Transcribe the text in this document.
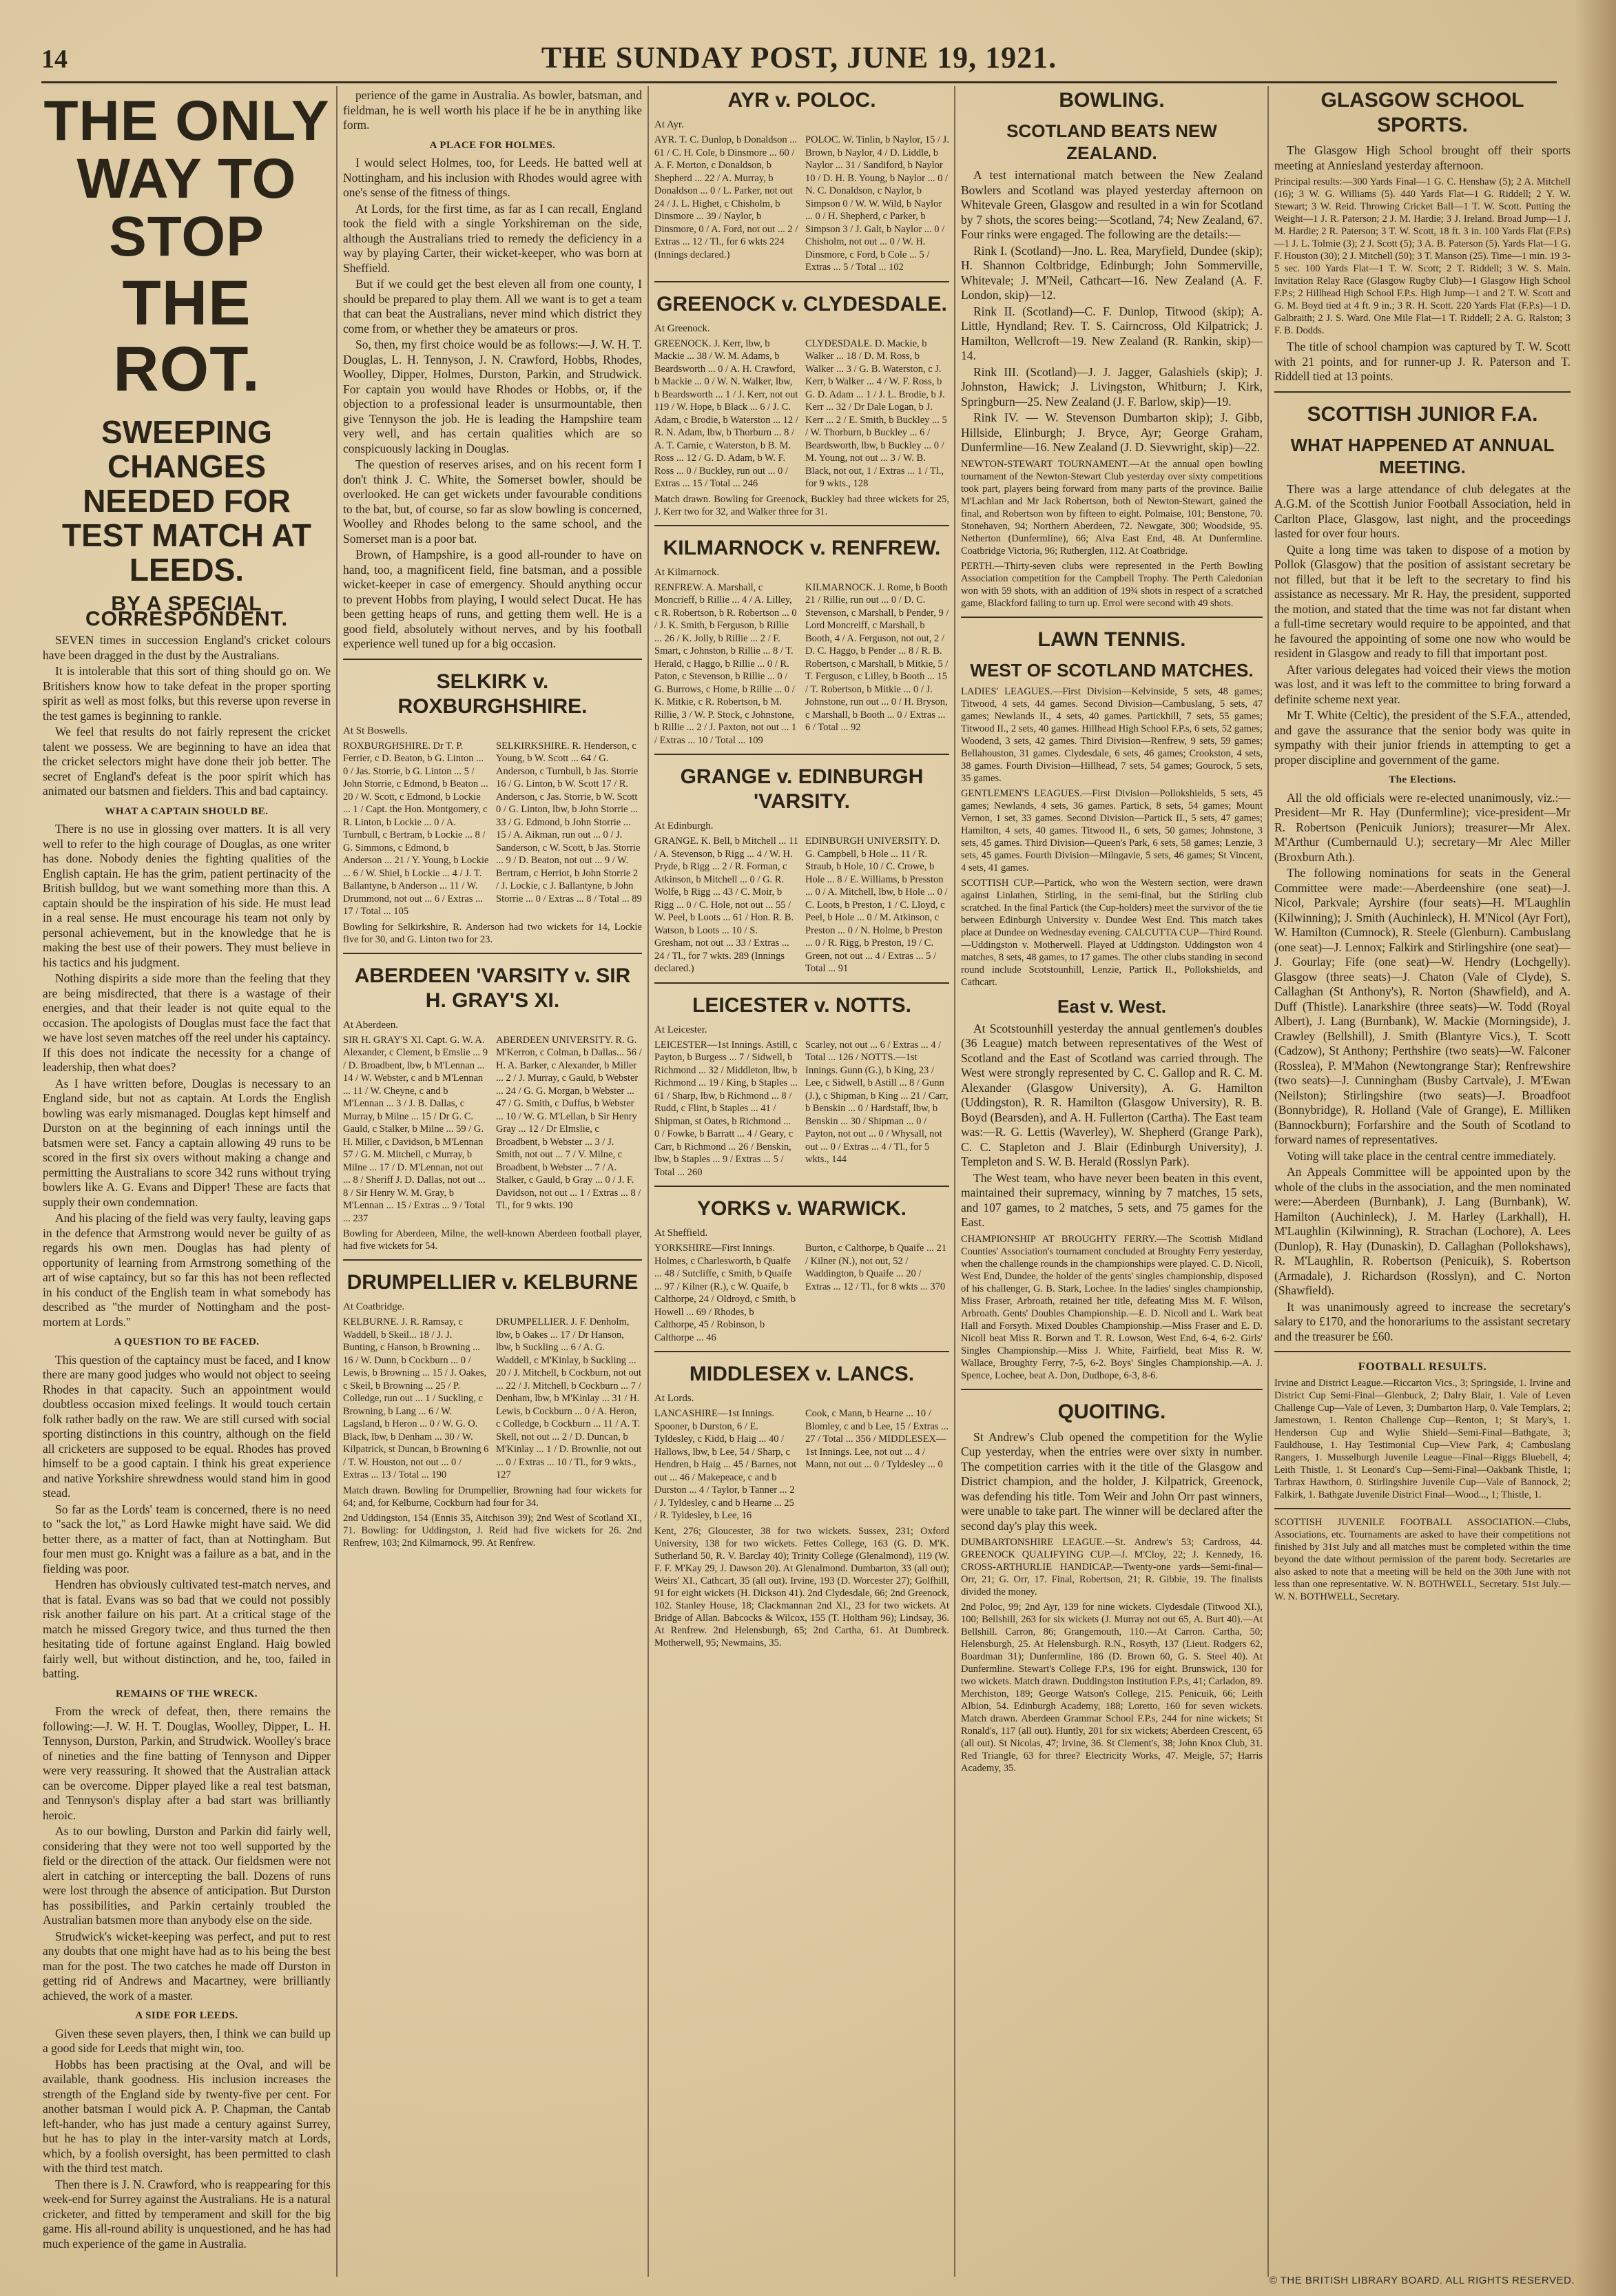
14	THE SUNDAY POST, JUNE 19, 1921.
THE ONLY WAY TO STOP
THE ROT.
SWEEPING CHANGES NEEDED FOR TEST MATCH AT LEEDS.
BY A SPECIAL CORRESPONDENT.

SEVEN times in succession England's cricket colours have been dragged in the dust by the Australians.

It is intolerable that this sort of thing should go on. We Britishers know how to take defeat in the proper sporting spirit as well as most folks, but this reverse upon reverse in the test games is beginning to rankle.

We feel that results do not fairly represent the cricket talent we possess. We are beginning to have an idea that the cricket selectors might have done their job better. The secret of England's defeat is the poor spirit which has animated our batsmen and fielders. This and bad captaincy.

WHAT A CAPTAIN SHOULD BE.

There is no use in glossing over matters. It is all very well to refer to the high courage of Douglas, as one writer has done. Nobody denies the fighting qualities of the English captain. He has the grim, patient pertinacity of the British bulldog, but we want something more than this. A captain should be the inspiration of his side. He must lead in a real sense. He must encourage his team not only by personal achievement, but in the knowledge that he is making the best use of their powers. They must believe in his tactics and his judgment.

Nothing dispirits a side more than the feeling that they are being misdirected, that there is a wastage of their energies, and that their leader is not quite equal to the occasion. The apologists of Douglas must face the fact that we have lost seven matches off the reel under his captaincy. If this does not indicate the necessity for a change of leadership, then what does?

As I have written before, Douglas is necessary to an England side, but not as captain. At Lords the English bowling was early mismanaged. Douglas kept himself and Durston on at the beginning of each innings until the batsmen were set. Fancy a captain allowing 49 runs to be scored in the first six overs without making a change and permitting the Australians to score 342 runs without trying bowlers like A. G. Evans and Dipper! These are facts that supply their own condemnation.

And his placing of the field was very faulty, leaving gaps in the defence that Armstrong would never be guilty of as regards his own men. Douglas has had plenty of opportunity of learning from Armstrong something of the art of wise captaincy, but so far this has not been reflected in his conduct of the English team in what somebody has described as "the murder of Nottingham and the post-mortem at Lords."

A QUESTION TO BE FACED.

This question of the captaincy must be faced, and I know there are many good judges who would not object to seeing Rhodes in that capacity. Such an appointment would doubtless occasion mixed feelings. It would touch certain folk rather badly on the raw. We are still cursed with social sporting distinctions in this country, although on the field all cricketers are supposed to be equal. Rhodes has proved himself to be a good captain. I think his great experience and native Yorkshire shrewdness would stand him in good stead.

So far as the Lords' team is concerned, there is no need to "sack the lot," as Lord Hawke might have said. We did better there, as a matter of fact, than at Nottingham. But four men must go. Knight was a failure as a bat, and in the fielding was poor.

Hendren has obviously cultivated test-match nerves, and that is fatal. Evans was so bad that we could not possibly risk another failure on his part. At a critical stage of the match he missed Gregory twice, and thus turned the then hesitating tide of fortune against England. Haig bowled fairly well, but without distinction, and he, too, failed in batting.

REMAINS OF THE WRECK.

From the wreck of defeat, then, there remains the following:—J. W. H. T. Douglas, Woolley, Dipper, L. H. Tennyson, Durston, Parkin, and Strudwick. Woolley's brace of nineties and the fine batting of Tennyson and Dipper were very reassuring. It showed that the Australian attack can be overcome. Dipper played like a real test batsman, and Tennyson's display after a bad start was brilliantly heroic.

As to our bowling, Durston and Parkin did fairly well, considering that they were not too well supported by the field or the direction of the attack. Our fieldsmen were not alert in catching or intercepting the ball. Dozens of runs were lost through the absence of anticipation. But Durston has possibilities, and Parkin certainly troubled the Australian batsmen more than anybody else on the side.

Strudwick's wicket-keeping was perfect, and put to rest any doubts that one might have had as to his being the best man for the post. The two catches he made off Durston in getting rid of Andrews and Macartney, were brilliantly achieved, the work of a master.

A SIDE FOR LEEDS.

Given these seven players, then, I think we can build up a good side for Leeds that might win, too.

Hobbs has been practising at the Oval, and will be available, thank goodness. His inclusion increases the strength of the England side by twenty-five per cent. For another batsman I would pick A. P. Chapman, the Cantab left-hander, who has just made a century against Surrey, but he has to play in the inter-varsity match at Lords, which, by a foolish oversight, has been permitted to clash with the third test match.

Then there is J. N. Crawford, who is reappearing for this week-end for Surrey against the Australians. He is a natural cricketer, and fitted by temperament and skill for the big game. His all-round ability is unquestioned, and he has had much experience of the game in Australia.

perience of the game in Australia. As bowler, batsman, and fieldman, he is well worth his place if he be in anything like form.

A PLACE FOR HOLMES.

I would select Holmes, too, for Leeds. He batted well at Nottingham, and his inclusion with Rhodes would agree with one's sense of the fitness of things.

At Lords, for the first time, as far as I can recall, England took the field with a single Yorkshireman on the side, although the Australians tried to remedy the deficiency in a way by playing Carter, their wicket-keeper, who was born at Sheffield.

But if we could get the best eleven all from one county, I should be prepared to play them. All we want is to get a team that can beat the Australians, never mind which district they come from, or whether they be amateurs or pros.

So, then, my first choice would be as follows:—J. W. H. T. Douglas, L. H. Tennyson, J. N. Crawford, Hobbs, Rhodes, Woolley, Dipper, Holmes, Durston, Parkin, and Strudwick. For captain you would have Rhodes or Hobbs, or, if the objection to a professional leader is unsurmountable, then give Tennyson the job. He is leading the Hampshire team very well, and has certain qualities which are so conspicuously lacking in Douglas.

The question of reserves arises, and on his recent form I don't think J. C. White, the Somerset bowler, should be overlooked. He can get wickets under favourable conditions to the bat, but, of course, so far as slow bowling is concerned, Woolley and Rhodes belong to the same school, and the Somerset man is a poor bat.

Brown, of Hampshire, is a good all-rounder to have on hand, too, a magnificent field, fine batsman, and a possible wicket-keeper in case of emergency. Should anything occur to prevent Hobbs from playing, I would select Ducat. He has been getting heaps of runs, and getting them well. He is a good field, absolutely without nerves, and by his football experience well tuned up for a big occasion.

SELKIRK v. ROXBURGHSHIRE.
At St Boswells.
ROXBURGHSHIRE. Dr T. P. Ferrier, c D. Beaton, b G. Linton ... 0 / Jas. Storrie, b G. Linton ... 5 / John Storrie, c Edmond, b Beaton ... 20 / W. Scott, c Edmond, b Lockie ... 1 / Capt. the Hon. Montgomery, c R. Linton, b Lockie ... 0 / A. Turnbull, c Bertram, b Lockie ... 8 / G. Simmons, c Edmond, b Anderson ... 21 / Y. Young, b Lockie ... 6 / W. Shiel, b Lockie ... 4 / J. T. Ballantyne, b Anderson ... 11 / W. Drummond, not out ... 6 / Extras ... 17 / Total ... 105
SELKIRKSHIRE. R. Henderson, c Young, b W. Scott ... 64 / G. Anderson, c Turnbull, b Jas. Storrie 16 / G. Linton, b W. Scott 17 / R. Anderson, c Jas. Storrie, b W. Scott 0 / G. Linton, lbw, b John Storrie ... 33 / G. Edmond, b John Storrie ... 15 / A. Aikman, run out ... 0 / J. Sanderson, c W. Scott, b Jas. Storrie ... 9 / D. Beaton, not out ... 9 / W. Bertram, c Herriot, b John Storrie 2 / J. Lockie, c J. Ballantyne, b John Storrie ... 0 / Extras ... 8 / Total ... 89
Bowling for Selkirkshire, R. Anderson had two wickets for 14, Lockie five for 30, and G. Linton two for 23.
ABERDEEN 'VARSITY v. SIR H. GRAY'S XI.
At Aberdeen.
SIR H. GRAY'S XI. Capt. G. W. A. Alexander, c Clement, b Emslie ... 9 / D. Broadbent, lbw, b M'Lennan ... 14 / W. Webster, c and b M'Lennan ... 11 / W. Cheyne, c and b M'Lennan ... 3 / J. B. Dallas, c Murray, b Milne ... 15 / Dr G. C. Gauld, c Stalker, b Milne ... 59 / G. H. Miller, c Davidson, b M'Lennan 57 / G. M. Mitchell, c Murray, b Milne ... 17 / D. M'Lennan, not out ... 8 / Sheriff J. D. Dallas, not out ... 8 / Sir Henry W. M. Gray, b M'Lennan ... 15 / Extras ... 9 / Total ... 237
ABERDEEN UNIVERSITY. R. G. M'Kerron, c Colman, b Dallas... 56 / H. A. Barker, c Alexander, b Miller ... 2 / J. Murray, c Gauld, b Webster ... 24 / G. G. Morgan, b Webster ... 47 / G. Smith, c Duffus, b Webster ... 10 / W. G. M'Lellan, b Sir Henry Gray ... 12 / Dr Elmslie, c Broadbent, b Webster ... 3 / J. Smith, not out ... 7 / V. Milne, c Broadbent, b Webster ... 7 / A. Stalker, c Gauld, b Gray ... 0 / J. F. Davidson, not out ... 1 / Extras ... 8 / Tl., for 9 wkts. 190
Bowling for Aberdeen, Milne, the well-known Aberdeen football player, had five wickets for 54.
DRUMPELLIER v. KELBURNE
At Coatbridge.
KELBURNE. J. R. Ramsay, c Waddell, b Skeil... 18 / J. J. Bunting, c Hanson, b Browning ... 16 / W. Dunn, b Cockburn ... 0 / Lewis, b Browning ... 15 / J. Oakes, c Skeil, b Browning ... 25 / P. Colledge, run out ... 1 / Suckling, c Browning, b Lang ... 6 / W. Lagsland, b Heron ... 0 / W. G. O. Black, lbw, b Denham ... 30 / W. Kilpatrick, st Duncan, b Browning 6 / T. W. Houston, not out ... 0 / Extras ... 13 / Total ... 190
DRUMPELLIER. J. F. Denholm, lbw, b Oakes ... 17 / Dr Hanson, lbw, b Suckling ... 6 / A. G. Waddell, c M'Kinlay, b Suckling ... 20 / J. Mitchell, b Cockburn, not out ... 22 / J. Mitchell, b Cockburn ... 7 / Denham, lbw, b M'Kinlay ... 31 / H. Lewis, b Cockburn ... 0 / A. Heron, c Colledge, b Cockburn ... 11 / A. T. Skell, not out ... 2 / D. Duncan, b M'Kinlay ... 1 / D. Brownlie, not out ... 0 / Extras ... 10 / Tl., for 9 wkts., 127
Match drawn. Bowling for Drumpellier, Browning had four wickets for 64; and, for Kelburne, Cockburn had four for 34.
2nd Uddingston, 154 (Ennis 35, Aitchison 39); 2nd West of Scotland XI., 71. Bowling: for Uddingston, J. Reid had five wickets for 26. 2nd Renfrew, 103; 2nd Kilmarnock, 99. At Renfrew.
AYR v. POLOC.
At Ayr.
AYR. T. C. Dunlop, b Donaldson ... 61 / C. H. Cole, b Dinsmore ... 60 / A. F. Morton, c Donaldson, b Shepherd ... 22 / A. Murray, b Donaldson ... 0 / L. Parker, not out 24 / J. L. Highet, c Chisholm, b Dinsmore ... 39 / Naylor, b Dinsmore, 0 / A. Ford, not out ... 2 / Extras ... 12 / Tl., for 6 wkts 224 (Innings declared.)
POLOC. W. Tinlin, b Naylor, 15 / J. Brown, b Naylor, 4 / D. Liddle, b Naylor ... 31 / Sandiford, b Naylor 10 / D. H. B. Young, b Naylor ... 0 / N. C. Donaldson, c Naylor, b Simpson 0 / W. W. Wild, b Naylor ... 0 / H. Shepherd, c Parker, b Simpson 3 / J. Galt, b Naylor ... 0 / Chisholm, not out ... 0 / W. H. Dinsmore, c Ford, b Cole ... 5 / Extras ... 5 / Total ... 102
GREENOCK v. CLYDESDALE.
At Greenock.
GREENOCK. J. Kerr, lbw, b Mackie ... 38 / W. M. Adams, b Beardsworth ... 0 / A. H. Crawford, b Mackie ... 0 / W. N. Walker, lbw, b Beardsworth ... 1 / J. Kerr, not out 119 / W. Hope, b Black ... 6 / J. C. Adam, c Brodie, b Waterston ... 12 / R. N. Adam, lbw, b Thorburn ... 8 / A. T. Carnie, c Waterston, b B. M. Ross ... 12 / G. D. Adam, b W. F. Ross ... 0 / Buckley, run out ... 0 / Extras ... 15 / Total ... 246
CLYDESDALE. D. Mackie, b Walker ... 18 / D. M. Ross, b Walker ... 3 / G. B. Waterston, c J. Kerr, b Walker ... 4 / W. F. Ross, b G. D. Adam ... 1 / J. L. Brodie, b J. Kerr ... 32 / Dr Dale Logan, b J. Kerr ... 2 / E. Smith, b Buckley ... 5 / W. Thorburn, b Buckley ... 6 / Beardsworth, lbw, b Buckley ... 0 / M. Young, not out ... 3 / W. B. Black, not out, 1 / Extras ... 1 / Tl., for 9 wkts., 128
Match drawn. Bowling for Greenock, Buckley had three wickets for 25, J. Kerr two for 32, and Walker three for 31.
KILMARNOCK v. RENFREW.
At Kilmarnock.
RENFREW. A. Marshall, c Moncrieff, b Rillie ... 4 / A. Lilley, c R. Robertson, b R. Robertson ... 0 / J. K. Smith, b Ferguson, b Rillie ... 26 / K. Jolly, b Rillie ... 2 / F. Smart, c Johnston, b Rillie ... 8 / T. Herald, c Haggo, b Rillie ... 0 / R. Paton, c Stevenson, b Rillie ... 0 / G. Burrows, c Home, b Rillie ... 0 / K. Mitkie, c R. Robertson, b M. Rillie, 3 / W. P. Stock, c Johnstone, b Rillie ... 2 / J. Paxton, not out ... 1 / Extras ... 10 / Total ... 109
KILMARNOCK. J. Rome, b Booth 21 / Rillie, run out ... 0 / D. C. Stevenson, c Marshall, b Pender, 9 / Lord Moncreiff, c Marshall, b Booth, 4 / A. Ferguson, not out, 2 / D. C. Haggo, b Pender ... 8 / R. B. Robertson, c Marshall, b Mitkie, 5 / T. Ferguson, c Lilley, b Booth ... 15 / T. Robertson, b Mitkie ... 0 / J. Johnstone, run out ... 0 / H. Bryson, c Marshall, b Booth ... 0 / Extras ... 6 / Total ... 92
GRANGE v. EDINBURGH 'VARSITY.
At Edinburgh.
GRANGE. K. Bell, b Mitchell ... 11 / A. Stevenson, b Rigg ... 4 / W. H. Pryde, b Rigg ... 2 / R. Forman, c Atkinson, b Mitchell ... 0 / G. R. Wolfe, b Rigg ... 43 / C. Moir, b Rigg ... 0 / C. Hole, not out ... 55 / W. Peel, b Loots ... 61 / Hon. R. B. Watson, b Loots ... 10 / S. Gresham, not out ... 33 / Extras ... 24 / Tl., for 7 wkts. 289 (Innings declared.)
EDINBURGH UNIVERSITY. D. G. Campbell, b Hole ... 11 / R. Straub, b Hole, 10 / C. Crowe, b Hole ... 8 / E. Williams, b Presston ... 0 / A. Mitchell, lbw, b Hole ... 0 / C. Loots, b Preston, 1 / C. Lloyd, c Peel, b Hole ... 0 / M. Atkinson, c Preston ... 0 / N. Holme, b Preston ... 0 / R. Rigg, b Preston, 19 / C. Green, not out ... 4 / Extras ... 5 / Total ... 91
LEICESTER v. NOTTS.
At Leicester.
LEICESTER—1st Innings. Astill, c Payton, b Burgess ... 7 / Sidwell, b Richmond ... 32 / Middleton, lbw, b Richmond ... 19 / King, b Staples ... 61 / Sharp, lbw, b Richmond ... 8 / Rudd, c Flint, b Staples ... 41 / Shipman, st Oates, b Richmond ... 0 / Fowke, b Barratt ... 4 / Geary, c Carr, b Richmond ... 26 / Benskin, lbw, b Staples ... 9 / Extras ... 5 / Total ... 260
Scarley, not out ... 6 / Extras ... 4 / Total ... 126 / NOTTS.—1st Innings. Gunn (G.), b King, 23 / Lee, c Sidwell, b Astill ... 8 / Gunn (J.), c Shipman, b King ... 21 / Carr, b Benskin ... 0 / Hardstaff, lbw, b Benskin ... 30 / Shipman ... 0 / Payton, not out ... 0 / Whysall, not out ... 0 / Extras ... 4 / Tl., for 5 wkts., 144
YORKS v. WARWICK.
At Sheffield.
YORKSHIRE—First Innings. Holmes, c Charlesworth, b Quaife ... 48 / Sutcliffe, c Smith, b Quaife ... 97 / Kilner (R.), c W. Quaife, b Calthorpe, 24 / Oldroyd, c Smith, b Howell ... 69 / Rhodes, b Calthorpe, 45 / Robinson, b Calthorpe ... 46
Burton, c Calthorpe, b Quaife ... 21 / Kilner (N.), not out, 52 / Waddington, b Quaife ... 20 / Extras ... 12 / Tl., for 8 wkts ... 370
MIDDLESEX v. LANCS.
At Lords.
LANCASHIRE—1st Innings. Spooner, b Durston, 6 / E. Tyldesley, c Kidd, b Haig ... 40 / Hallows, lbw, b Lee, 54 / Sharp, c Hendren, b Haig ... 45 / Barnes, not out ... 46 / Makepeace, c and b Durston ... 4 / Taylor, b Tanner ... 2 / J. Tyldesley, c and b Hearne ... 25 / R. Tyldesley, b Lee, 16
Cook, c Mann, b Hearne ... 10 / Blomley, c and b Lee, 15 / Extras ... 27 / Total ... 356 / MIDDLESEX—1st Innings. Lee, not out ... 4 / Mann, not out ... 0 / Tyldesley ... 0
Kent, 276; Gloucester, 38 for two wickets. Sussex, 231; Oxford University, 138 for two wickets. Fettes College, 163 (G. D. M'K. Sutherland 50, R. V. Barclay 40); Trinity College (Glenalmond), 119 (W. F. F. M'Kay 29, J. Dawson 20). At Glenalmond. Dumbarton, 33 (all out); Weirs' XI., Cathcart, 35 (all out). Irvine, 193 (D. Worcester 27); Golfhill, 91 for eight wickets (H. Dickson 41). 2nd Clydesdale, 66; 2nd Greenock, 102. Stanley House, 18; Clackmannan 2nd XI., 23 for two wickets. At Bridge of Allan. Babcocks & Wilcox, 155 (T. Holtham 96); Lindsay, 36. At Renfrew. 2nd Helensburgh, 65; 2nd Cartha, 61. At Dumbreck. Motherwell, 95; Newmains, 35.
BOWLING.
SCOTLAND BEATS NEW ZEALAND.

A test international match between the New Zealand Bowlers and Scotland was played yesterday afternoon on Whitevale Green, Glasgow and resulted in a win for Scotland by 7 shots, the scores being:—Scotland, 74; New Zealand, 67. Four rinks were engaged. The following are the details:—

Rink I. (Scotland)—Jno. L. Rea, Maryfield, Dundee (skip); H. Shannon Coltbridge, Edinburgh; John Sommerville, Whitevale; J. M'Neil, Cathcart—16. New Zealand (A. F. London, skip)—12.

Rink II. (Scotland)—C. F. Dunlop, Titwood (skip); A. Little, Hyndland; Rev. T. S. Cairncross, Old Kilpatrick; J. Hamilton, Wellcroft—19. New Zealand (R. Rankin, skip)—14.

Rink III. (Scotland)—J. J. Jagger, Galashiels (skip); J. Johnston, Hawick; J. Livingston, Whitburn; J. Kirk, Springburn—25. New Zealand (J. F. Barlow, skip)—19.

Rink IV. — W. Stevenson Dumbarton skip); J. Gibb, Hillside, Elinburgh; J. Bryce, Ayr; George Graham, Dunfermline—16. New Zealand (J. D. Sievwright, skip)—22.

NEWTON-STEWART TOURNAMENT.—At the annual open bowling tournament of the Newton-Stewart Club yesterday over sixty competitions took part, players being forward from many parts of the province. Bailie M'Lachlan and Mr Jack Robertson, both of Newton-Stewart, gained the final, and Robertson won by fifteen to eight. Polmaise, 101; Benstone, 70. Stonehaven, 94; Northern Aberdeen, 72. Newgate, 300; Woodside, 95. Netherton (Dunfermline), 66; Alva East End, 48. At Dunfermline. Coatbridge Victoria, 96; Rutherglen, 112. At Coatbridge.
PERTH.—Thirty-seven clubs were represented in the Perth Bowling Association competition for the Campbell Trophy. The Perth Caledonian won with 59 shots, with an addition of 19¾ shots in respect of a scratched game, Blackford failing to turn up. Errol were second with 49 shots.
LAWN TENNIS.
WEST OF SCOTLAND MATCHES.
LADIES' LEAGUES.—First Division—Kelvinside, 5 sets, 48 games; Titwood, 4 sets, 44 games. Second Division—Cambuslang, 5 sets, 47 games; Newlands II., 4 sets, 40 games. Partickhill, 7 sets, 55 games; Titwood II., 2 sets, 40 games. Hillhead High School F.P.s, 6 sets, 52 games; Woodend, 3 sets, 42 games. Third Division—Renfrew, 9 sets, 59 games; Bellahouston, 31 games. Clydesdale, 6 sets, 46 games; Crookston, 4 sets, 38 games. Fourth Division—Hillhead, 7 sets, 54 games; Gourock, 5 sets, 35 games.
GENTLEMEN'S LEAGUES.—First Division—Pollokshields, 5 sets, 45 games; Newlands, 4 sets, 36 games. Partick, 8 sets, 54 games; Mount Vernon, 1 set, 33 games. Second Division—Partick II., 5 sets, 47 games; Hamilton, 4 sets, 40 games. Titwood II., 6 sets, 50 games; Johnstone, 3 sets, 45 games. Third Division—Queen's Park, 6 sets, 58 games; Lenzie, 3 sets, 45 games. Fourth Division—Milngavie, 5 sets, 46 games; St Vincent, 4 sets, 41 games.
SCOTTISH CUP.—Partick, who won the Western section, were drawn against Linlathen, Stirling, in the semi-final, but the Stirling club scratched. In the final Partick (the Cup-holders) meet the survivor of the tie between Edinburgh University v. Dundee West End. This match takes place at Dundee on Wednesday evening. CALCUTTA CUP—Third Round.—Uddingston v. Motherwell. Played at Uddingston. Uddingston won 4 matches, 8 sets, 48 games, to 17 games. The other clubs standing in second round include Scotstounhill, Lenzie, Partick II., Pollokshields, and Cathcart.
East v. West.

At Scotstounhill yesterday the annual gentlemen's doubles (36 League) match between representatives of the West of Scotland and the East of Scotland was carried through. The West were strongly represented by C. C. Gallop and R. C. M. Alexander (Glasgow University), A. G. Hamilton (Uddingston), R. R. Hamilton (Glasgow University), R. B. Boyd (Bearsden), and A. H. Fullerton (Cartha). The East team was:—R. G. Lettis (Waverley), W. Shepherd (Grange Park), C. C. Stapleton and J. Blair (Edinburgh University), J. Templeton and S. W. B. Herald (Rosslyn Park).

The West team, who have never been beaten in this event, maintained their supremacy, winning by 7 matches, 15 sets, and 107 games, to 2 matches, 5 sets, and 75 games for the East.

CHAMPIONSHIP AT BROUGHTY FERRY.—The Scottish Midland Counties' Association's tournament concluded at Broughty Ferry yesterday, when the challenge rounds in the championships were played. C. D. Nicoll, West End, Dundee, the holder of the gents' singles championship, disposed of his challenger, G. B. Stark, Lochee. In the ladies' singles championship, Miss Fraser, Arbroath, retained her title, defeating Miss M. F. Wilson, Arbroath. Gents' Doubles Championship.—E. D. Nicoll and L. Wark beat Hall and Forsyth. Mixed Doubles Championship.—Miss Fraser and E. D. Nicoll beat Miss R. Borwn and T. R. Lowson, West End, 6-4, 6-2. Girls' Singles Championship.—Miss J. White, Fairfield, beat Miss R. W. Wallace, Broughty Ferry, 7-5, 6-2. Boys' Singles Championship.—A. J. Spence, Lochee, beat A. Don, Dudhope, 6-3, 8-6.
QUOITING.

St Andrew's Club opened the competition for the Wylie Cup yesterday, when the entries were over sixty in number. The competition carries with it the title of the Glasgow and District champion, and the holder, J. Kilpatrick, Greenock, was defending his title. Tom Weir and John Orr past winners, were unable to take part. The winner will be declared after the second day's play this week.

DUMBARTONSHIRE LEAGUE.—St. Andrew's 53; Cardross, 44. GREENOCK QUALIFYING CUP.—J. M'Cloy, 22; J. Kennedy, 16. CROSS-ARTHURLIE HANDICAP.—Twenty-one yards—Semi-final—Orr, 21; G. Orr, 17. Final, Robertson, 21; R. Gibbie, 19. The finalists divided the money.
2nd Poloc, 99; 2nd Ayr, 139 for nine wickets. Clydesdale (Titwood XI.), 100; Bellshill, 263 for six wickets (J. Murray not out 65, A. Burt 40).—At Bellshill. Carron, 86; Grangemouth, 110.—At Carron. Cartha, 50; Helensburgh, 25. At Helensburgh. R.N., Rosyth, 137 (Lieut. Rodgers 62, Boardman 31); Dunfermline, 186 (D. Brown 60, G. S. Steel 40). At Dunfermline. Stewart's College F.P.s, 196 for eight. Brunswick, 130 for two wickets. Match drawn. Duddingston Institution F.P.s, 41; Carladon, 89. Merchiston, 189; George Watson's College, 215. Penicuik, 66; Leith Albion, 54. Edinburgh Academy, 188; Loretto, 160 for seven wickets. Match drawn. Aberdeen Grammar School F.P.s, 244 for nine wickets; St Ronald's, 117 (all out). Huntly, 201 for six wickets; Aberdeen Crescent, 65 (all out). St Nicolas, 47; Irvine, 36. St Clement's, 38; John Knox Club, 31. Red Triangle, 63 for three? Electricity Works, 47. Meigle, 57; Harris Academy, 35.
GLASGOW SCHOOL SPORTS.

The Glasgow High School brought off their sports meeting at Anniesland yesterday afternoon.

Principal results:—300 Yards Final—1 G. C. Henshaw (5); 2 A. Mitchell (16); 3 W. G. Williams (5). 440 Yards Flat—1 G. Riddell; 2 Y. W. Stewart; 3 W. Reid. Throwing Cricket Ball—1 T. W. Scott. Putting the Weight—1 J. R. Paterson; 2 J. M. Hardie; 3 J. Ireland. Broad Jump—1 J. M. Hardie; 2 R. Paterson; 3 T. W. Scott, 18 ft. 3 in. 100 Yards Flat (F.P.s)—1 J. L. Tolmie (3); 2 J. Scott (5); 3 A. B. Paterson (5). Yards Flat—1 G. F. Houston (30); 2 J. Mitchell (50); 3 T. Manson (25). Time—1 min. 19 3-5 sec. 100 Yards Flat—1 T. W. Scott; 2 T. Riddell; 3 W. S. Main. Invitation Relay Race (Glasgow Rugby Club)—1 Glasgow High School F.P.s; 2 Hillhead High School F.P.s. High Jump—1 and 2 T. W. Scott and G. M. Boyd tied at 4 ft. 9 in.; 3 R. H. Scott. 220 Yards Flat (F.P.s)—1 D. Galbraith; 2 J. S. Ward. One Mile Flat—1 T. Riddell; 2 A. G. Ralston; 3 F. B. Dodds.

The title of school champion was captured by T. W. Scott with 21 points, and for runner-up J. R. Paterson and T. Riddell tied at 13 points.

SCOTTISH JUNIOR F.A.
WHAT HAPPENED AT ANNUAL MEETING.

There was a large attendance of club delegates at the A.G.M. of the Scottish Junior Football Association, held in Carlton Place, Glasgow, last night, and the proceedings lasted for over four hours.

Quite a long time was taken to dispose of a motion by Pollok (Glasgow) that the position of assistant secretary be not filled, but that it be left to the secretary to find his assistance as necessary. Mr R. Hay, the president, supported the motion, and stated that the time was not far distant when a full-time secretary would require to be appointed, and that he favoured the appointing of some one now who would be resident in Glasgow and ready to fill that important post.

After various delegates had voiced their views the motion was lost, and it was left to the committee to bring forward a definite scheme next year.

Mr T. White (Celtic), the president of the S.F.A., attended, and gave the assurance that the senior body was quite in sympathy with their junior friends in attempting to get a proper discipline and government of the game.

The Elections.

All the old officials were re-elected unanimously, viz.:—President—Mr R. Hay (Dunfermline); vice-president—Mr R. Robertson (Penicuik Juniors); treasurer—Mr Alex. M'Arthur (Cumbernauld U.); secretary—Mr Alec Miller (Broxburn Ath.).

The following nominations for seats in the General Committee were made:—Aberdeenshire (one seat)—J. Nicol, Parkvale; Ayrshire (four seats)—H. M'Laughlin (Kilwinning); J. Smith (Auchinleck), H. M'Nicol (Ayr Fort), W. Hamilton (Cumnock), R. Steele (Glenburn). Cambuslang (one seat)—J. Lennox; Falkirk and Stirlingshire (one seat)—J. Gourlay; Fife (one seat)—W. Hendry (Lochgelly). Glasgow (three seats)—J. Chaton (Vale of Clyde), S. Callaghan (St Anthony's), R. Norton (Shawfield), and A. Duff (Thistle). Lanarkshire (three seats)—W. Todd (Royal Albert), J. Lang (Burnbank), W. Mackie (Morningside), J. Crawley (Bellshill), J. Smith (Blantyre Vics.), T. Scott (Cadzow), St Anthony; Perthshire (two seats)—W. Falconer (Rosslea), P. M'Mahon (Newtongrange Star); Renfrewshire (two seats)—J. Cunningham (Busby Cartvale), J. M'Ewan (Neilston); Stirlingshire (two seats)—J. Broadfoot (Bonnybridge), R. Holland (Vale of Grange), E. Milliken (Bannockburn); Forfarshire and the South of Scotland to forward names of representatives.

Voting will take place in the central centre immediately.

An Appeals Committee will be appointed upon by the whole of the clubs in the association, and the men nominated were:—Aberdeen (Burnbank), J. Lang (Burnbank), W. Hamilton (Auchinleck), J. M. Harley (Larkhall), H. M'Laughlin (Kilwinning), R. Strachan (Lochore), A. Lees (Dunlop), R. Hay (Dunaskin), D. Callaghan (Pollokshaws), R. M'Laughlin, R. Robertson (Penicuik), S. Robertson (Armadale), J. Richardson (Rosslyn), and C. Norton (Shawfield).

It was unanimously agreed to increase the secretary's salary to £170, and the honorariums to the assistant secretary and the treasurer be £60.

FOOTBALL RESULTS.
Irvine and District League.—Riccarton Vics., 3; Springside, 1. Irvine and District Cup Semi-Final—Glenbuck, 2; Dalry Blair, 1. Vale of Leven Challenge Cup—Vale of Leven, 3; Dumbarton Harp, 0. Vale Templars, 2; Jamestown, 1. Renton Challenge Cup—Renton, 1; St Mary's, 1. Henderson Cup and Wylie Shield—Semi-Final—Bathgate, 3; Fauldhouse, 1. Hay Testimonial Cup—View Park, 4; Cambuslang Rangers, 1. Musselburgh Juvenile League—Final—Riggs Bluebell, 4; Leith Thistle, 1. St Leonard's Cup—Semi-Final—Oakbank Thistle, 1; Tarbrax Hawthorn, 0. Stirlingshire Juvenile Cup—Vale of Bannock, 2; Falkirk, 1. Bathgate Juvenile District Final—Wood..., 1; Thistle, 1.
SCOTTISH JUVENILE FOOTBALL ASSOCIATION.—Clubs, Associations, etc. Tournaments are asked to have their competitions not finished by 31st July and all matches must be completed within the time beyond the date without permission of the parent body. Secretaries are also asked to note that a meeting will be held on the 30th June with not less than one representative. W. N. BOTHWELL, Secretary. 51st July.—W. N. BOTHWELL, Secretary.
© THE BRITISH LIBRARY BOARD. ALL RIGHTS RESERVED.
